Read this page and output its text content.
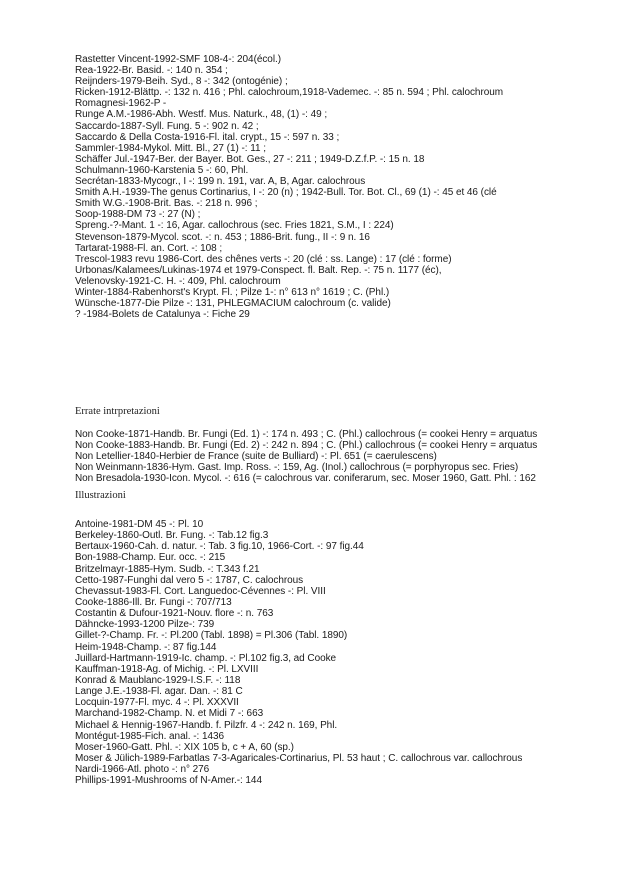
Rastetter Vincent-1992-SMF 108-4-: 204(écol.)
Rea-1922-Br. Basid. -: 140 n. 354 ;
Reijnders-1979-Beih. Syd., 8 -: 342 (ontogénie) ;
Ricken-1912-Blättp. -: 132 n. 416 ; Phl. calochroum,1918-Vademec. -: 85 n. 594 ; Phl. calochroum
Romagnesi-1962-P -
Runge A.M.-1986-Abh. Westf. Mus. Naturk., 48, (1) -: 49 ;
Saccardo-1887-Syll. Fung. 5 -: 902 n. 42 ;
Saccardo & Della Costa-1916-Fl. ital. crypt., 15 -: 597 n. 33 ;
Sammler-1984-Mykol. Mitt. Bl., 27 (1) -: 11 ;
Schäffer Jul.-1947-Ber. der Bayer. Bot. Ges., 27 -: 211 ; 1949-D.Z.f.P. -: 15 n. 18
Schulmann-1960-Karstenia 5 -: 60, Phl.
Secrétan-1833-Mycogr., I -: 199 n. 191, var. A, B, Agar. calochrous
Smith A.H.-1939-The genus Cortinarius, I -: 20 (n) ; 1942-Bull. Tor. Bot. Cl., 69 (1) -: 45 et 46 (clé
Smith W.G.-1908-Brit. Bas. -: 218 n. 996 ;
Soop-1988-DM 73 -: 27 (N) ;
Spreng.-?-Mant. 1 -: 16, Agar. callochrous (sec. Fries 1821, S.M., I : 224)
Stevenson-1879-Mycol. scot. -: n. 453 ; 1886-Brit. fung., II -: 9 n. 16
Tartarat-1988-Fl. an. Cort. -: 108 ;
Trescol-1983 revu 1986-Cort. des chênes verts -: 20 (clé : ss. Lange) : 17 (clé : forme)
Urbonas/Kalamees/Lukinas-1974 et 1979-Conspect. fl. Balt. Rep. -: 75 n. 1177 (éc),
Velenovsky-1921-C. H. -: 409, Phl. calochroum
Winter-1884-Rabenhorst's Krypt. Fl. ; Pilze 1-: n° 613 n° 1619 ; C. (Phl.)
Wünsche-1877-Die Pilze -: 131, PHLEGMACIUM calochroum (c. valide)
? -1984-Bolets de Catalunya -: Fiche 29
Errate intrpretazioni
Non Cooke-1871-Handb. Br. Fungi (Ed. 1) -: 174 n. 493 ; C. (Phl.) callochrous (= cookei Henry = arquatus
Non Cooke-1883-Handb. Br. Fungi (Ed. 2) -: 242 n. 894 ; C. (Phl.) callochrous (= cookei Henry = arquatus
Non Letellier-1840-Herbier de France (suite de Bulliard) -: Pl. 651 (= caerulescens)
Non Weinmann-1836-Hym. Gast. Imp. Ross. -: 159, Ag. (Inol.) callochrous (= porphyropus sec. Fries)
Non Bresadola-1930-Icon. Mycol. -: 616 (= calochrous var. coniferarum, sec. Moser 1960, Gatt. Phl. : 162
Illustrazioni
Antoine-1981-DM 45 -: Pl. 10
Berkeley-1860-Outl. Br. Fung. -: Tab.12 fig.3
Bertaux-1960-Cah. d. natur. -: Tab. 3 fig.10, 1966-Cort. -: 97 fig.44
Bon-1988-Champ. Eur. occ. -: 215
Britzelmayr-1885-Hym. Sudb. -: T.343 f.21
Cetto-1987-Funghi dal vero 5 -: 1787, C. calochrous
Chevassut-1983-Fl. Cort. Languedoc-Cévennes -: Pl. VIII
Cooke-1886-Ill. Br. Fungi -: 707/713
Costantin & Dufour-1921-Nouv. flore -: n. 763
Dähncke-1993-1200 Pilze-: 739
Gillet-?-Champ. Fr. -: Pl.200 (Tabl. 1898) = Pl.306 (Tabl. 1890)
Heim-1948-Champ. -: 87 fig.144
Juillard-Hartmann-1919-Ic. champ. -: Pl.102 fig.3, ad Cooke
Kauffman-1918-Ag. of Michig. -: Pl. LXVIII
Konrad & Maublanc-1929-I.S.F. -: 118
Lange J.E.-1938-Fl. agar. Dan. -: 81 C
Locquin-1977-Fl. myc. 4 -: Pl. XXXVII
Marchand-1982-Champ. N. et Midi 7 -: 663
Michael & Hennig-1967-Handb. f. Pilzfr. 4 -: 242 n. 169, Phl.
Montégut-1985-Fich. anal. -: 1436
Moser-1960-Gatt. Phl. -: XIX 105 b, c + A, 60 (sp.)
Moser & Jülich-1989-Farbatlas 7-3-Agaricales-Cortinarius, Pl. 53 haut ; C. callochrous var. callochrous
Nardi-1966-Atl. photo -: n° 276
Phillips-1991-Mushrooms of N-Amer.-: 144
